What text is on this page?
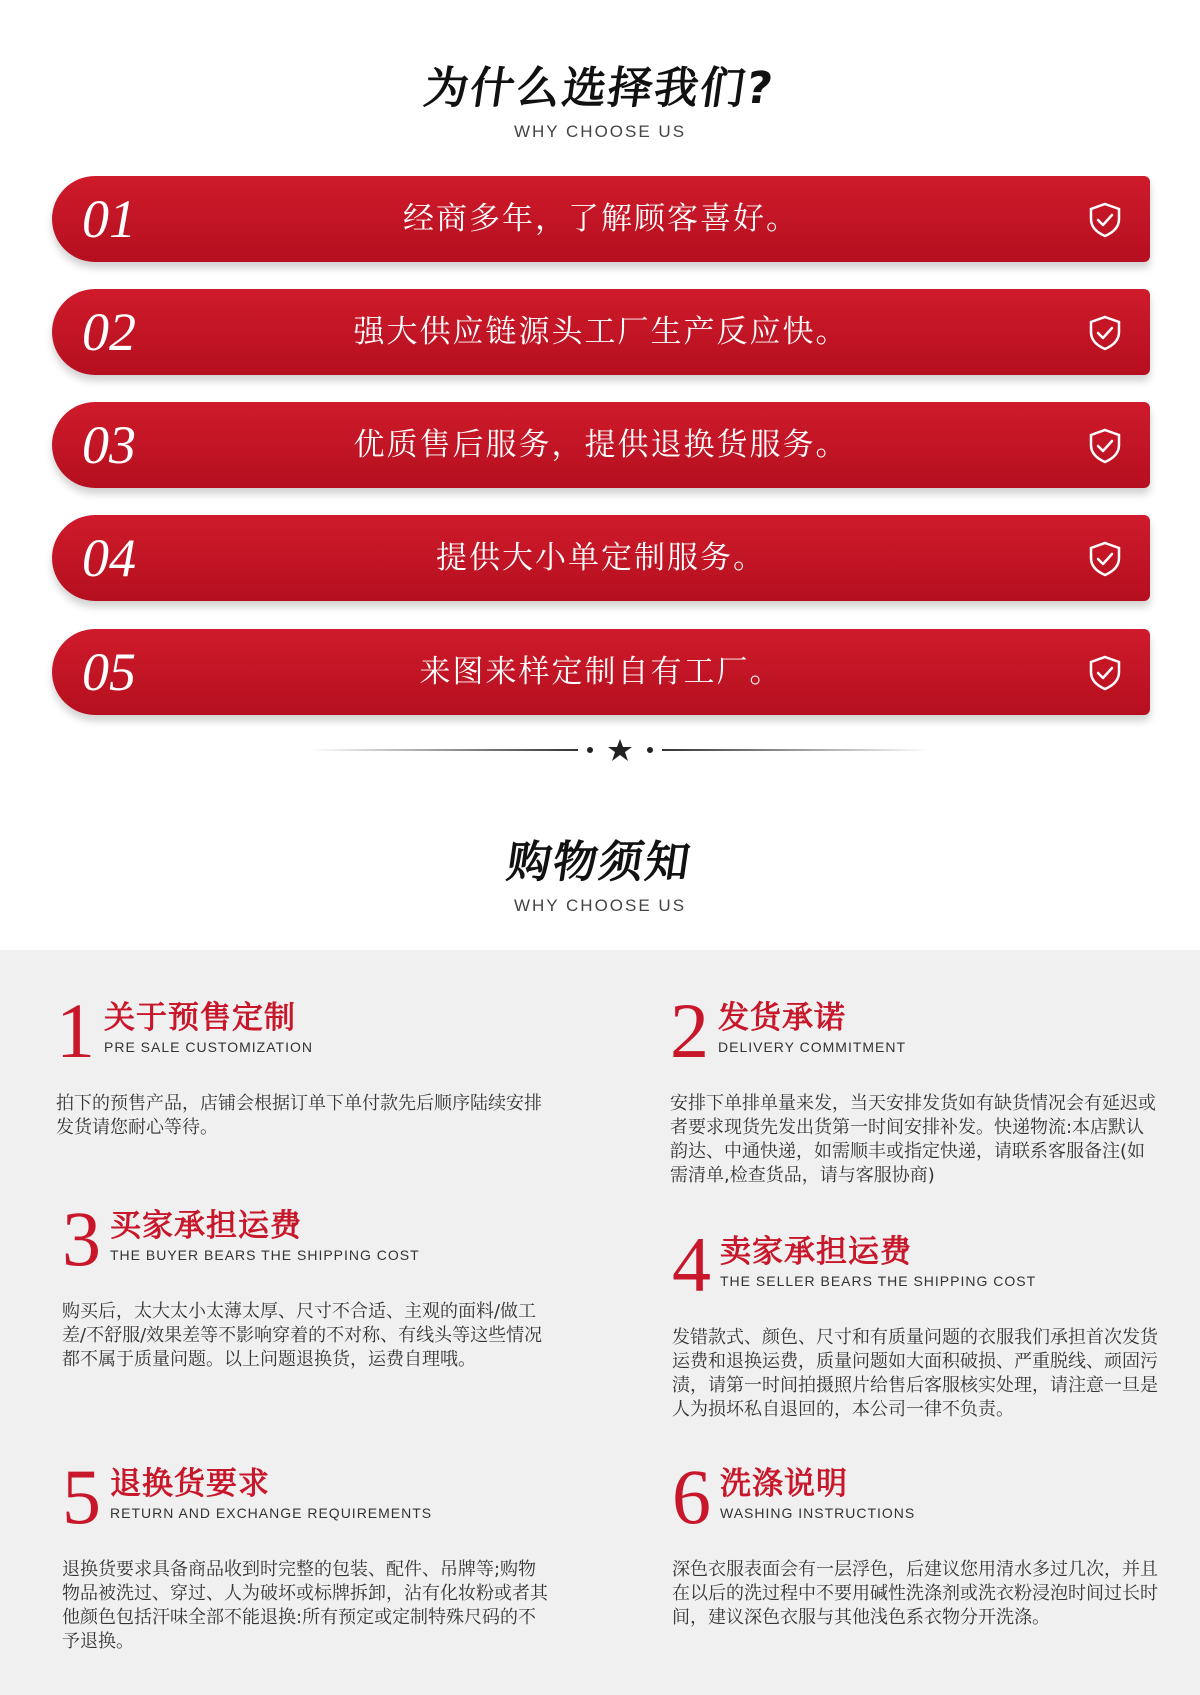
为什么选择我们?
WHY CHOOSE US
01	经商多年，了解顾客喜好。
02	强大供应链源头工厂生产反应快。
03	优质售后服务，提供退换货服务。
04	提供大小单定制服务。
05	来图来样定制自有工厂。
购物须知
WHY CHOOSE US
1 关于预售定制
PRE SALE CUSTOMIZATION
拍下的预售产品，店铺会根据订单下单付款先后顺序陆续安排发货请您耐心等待。
2 发货承诺
DELIVERY COMMITMENT
安排下单排单量来发，当天安排发货如有缺货情况会有延迟或者要求现货先发出货第一时间安排补发。快递物流:本店默认韵达、中通快递，如需顺丰或指定快递，请联系客服备注(如需清单,检查货品，请与客服协商)
3 买家承担运费
THE BUYER BEARS THE SHIPPING COST
购买后，太大太小太薄太厚、尺寸不合适、主观的面料/做工差/不舒服/效果差等不影响穿着的不对称、有线头等这些情况都不属于质量问题。以上问题退换货，运费自理哦。
4 卖家承担运费
THE SELLER BEARS THE SHIPPING COST
发错款式、颜色、尺寸和有质量问题的衣服我们承担首次发货运费和退换运费，质量问题如大面积破损、严重脱线、顽固污渍，请第一时间拍摄照片给售后客服核实处理，请注意一旦是人为损坏私自退回的，本公司一律不负责。
5 退换货要求
RETURN AND EXCHANGE REQUIREMENTS
退换货要求具备商品收到时完整的包装、配件、吊牌等;购物物品被洗过、穿过、人为破坏或标牌拆卸，沾有化妆粉或者其他颜色包括汗味全部不能退换:所有预定或定制特殊尺码的不予退换。
6 洗涤说明
WASHING INSTRUCTIONS
深色衣服表面会有一层浮色，后建议您用清水多过几次，并且在以后的洗过程中不要用碱性洗涤剂或洗衣粉浸泡时间过长时间，建议深色衣服与其他浅色系衣物分开洗涤。
